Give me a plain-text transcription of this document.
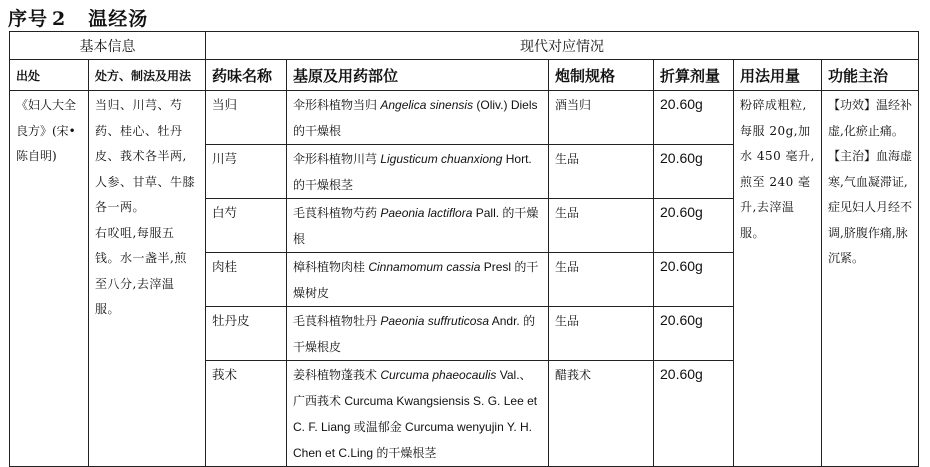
序号 2 温经汤
基本信息		现代对应情况					
出处	处方、制法及用法	药味名称	基原及用药部位	炮制规格	折算剂量	用法用量	功能主治
《妇人大全良方》(宋•陈自明)	当归、川芎、芍药、桂心、牡丹皮、莪术各半两,人参、甘草、牛膝各一两。
右㕮咀,每服五钱。水一盏半,煎至八分,去滓温服。	当归	伞形科植物当归 Angelica sinensis (Oliv.) Diels 的干燥根	酒当归	20.60g	粉碎成粗粒,每服 20g,加水 450 毫升,煎至 240 毫升,去滓温服。	【功效】温经补虚,化瘀止痛。【主治】血海虚寒,气血凝滞证,症见妇人月经不调,脐腹作痛,脉沉紧。
		川芎	伞形科植物川芎 Ligusticum chuanxiong Hort. 的干燥根茎	生品	20.60g		
		白芍	毛茛科植物芍药 Paeonia lactiflora Pall. 的干燥根	生品	20.60g		
		肉桂	樟科植物肉桂 Cinnamomum cassia Presl 的干燥树皮	生品	20.60g		
		牡丹皮	毛茛科植物牡丹 Paeonia suffruticosa Andr. 的干燥根皮	生品	20.60g		
		莪术	姜科植物蓬莪术 Curcuma phaeocaulis Val.、广西莪术 Curcuma Kwangsiensis S. G. Lee et C. F. Liang 或温郁金 Curcuma wenyujin Y. H. Chen et C.Ling 的干燥根茎	醋莪术	20.60g		
